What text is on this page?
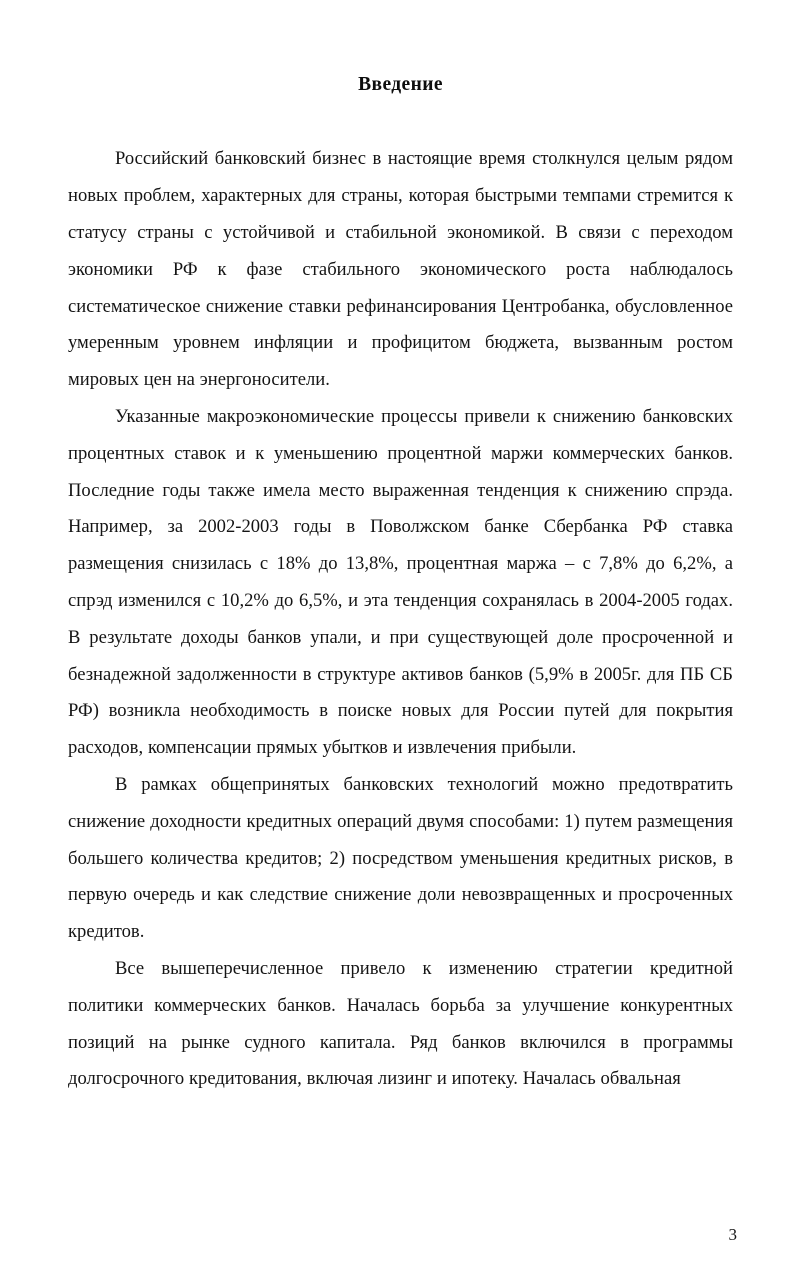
Введение

Российский банковский бизнес в настоящие время столкнулся целым рядом новых проблем, характерных для страны, которая быстрыми темпами стремится к статусу страны с устойчивой и стабильной экономикой. В связи с переходом экономики РФ к фазе стабильного экономического роста наблюдалось систематическое снижение ставки рефинансирования Центробанка, обусловленное умеренным уровнем инфляции и профицитом бюджета, вызванным ростом мировых цен на энергоносители.

Указанные макроэкономические процессы привели к снижению банковских процентных ставок и к уменьшению процентной маржи коммерческих банков. Последние годы также имела место выраженная тенденция к снижению спрэда. Например, за 2002-2003 годы в Поволжском банке Сбербанка РФ ставка размещения снизилась с 18% до 13,8%, процентная маржа – с 7,8% до 6,2%, а спрэд изменился с 10,2% до 6,5%, и эта тенденция сохранялась в 2004-2005 годах. В результате доходы банков упали, и при существующей доле просроченной и безнадежной задолженности в структуре активов банков (5,9% в 2005г. для ПБ СБ РФ) возникла необходимость в поиске новых для России путей для покрытия расходов, компенсации прямых убытков и извлечения прибыли.

В рамках общепринятых банковских технологий можно предотвратить снижение доходности кредитных операций двумя способами: 1) путем размещения большего количества кредитов; 2) посредством уменьшения кредитных рисков, в первую очередь и как следствие снижение доли невозвращенных и просроченных кредитов.

Все вышеперечисленное привело к изменению стратегии кредитной политики коммерческих банков. Началась борьба за улучшение конкурентных позиций на рынке судного капитала. Ряд банков включился в программы долгосрочного кредитования, включая лизинг и ипотеку. Началась обвальная

3
